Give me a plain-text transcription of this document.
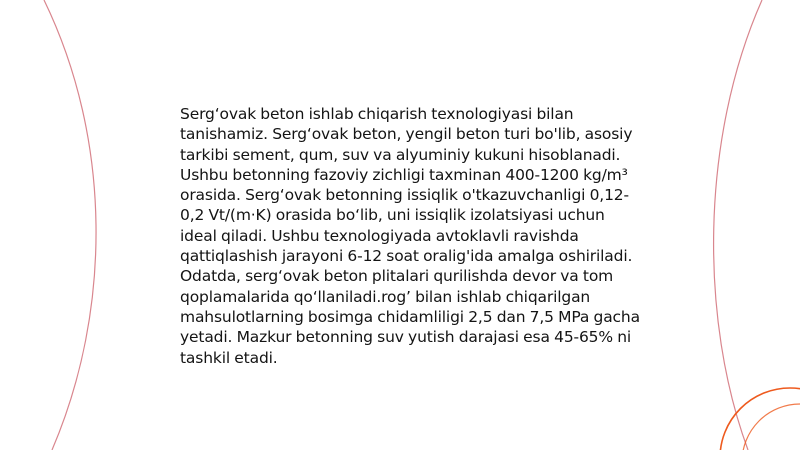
Serg‘ovak beton ishlab chiqarish texnologiyasi bilan tanishamiz. Serg‘ovak beton, yengil beton turi bo'lib, asosiy tarkibi sement, qum, suv va alyuminiy kukuni hisoblanadi. Ushbu betonning fazoviy zichligi taxminan 400-1200 kg/m³ orasida. Serg‘ovak betonning issiqlik o'tkazuvchanligi 0,12-0,2 Vt/(m·K) orasida bo‘lib, uni issiqlik izolatsiyasi uchun ideal qiladi. Ushbu texnologiyada avtoklavli ravishda qattiqlashish jarayoni 6-12 soat oralig'ida amalga oshiriladi. Odatda, serg‘ovak beton plitalari qurilishda devor va tom qoplamalarida qo‘llaniladi.rog’ bilan ishlab chiqarilgan mahsulotlarning bosimga chidamliligi 2,5 dan 7,5 MPa gacha yetadi. Mazkur betonning suv yutish darajasi esa 45-65% ni tashkil etadi.
